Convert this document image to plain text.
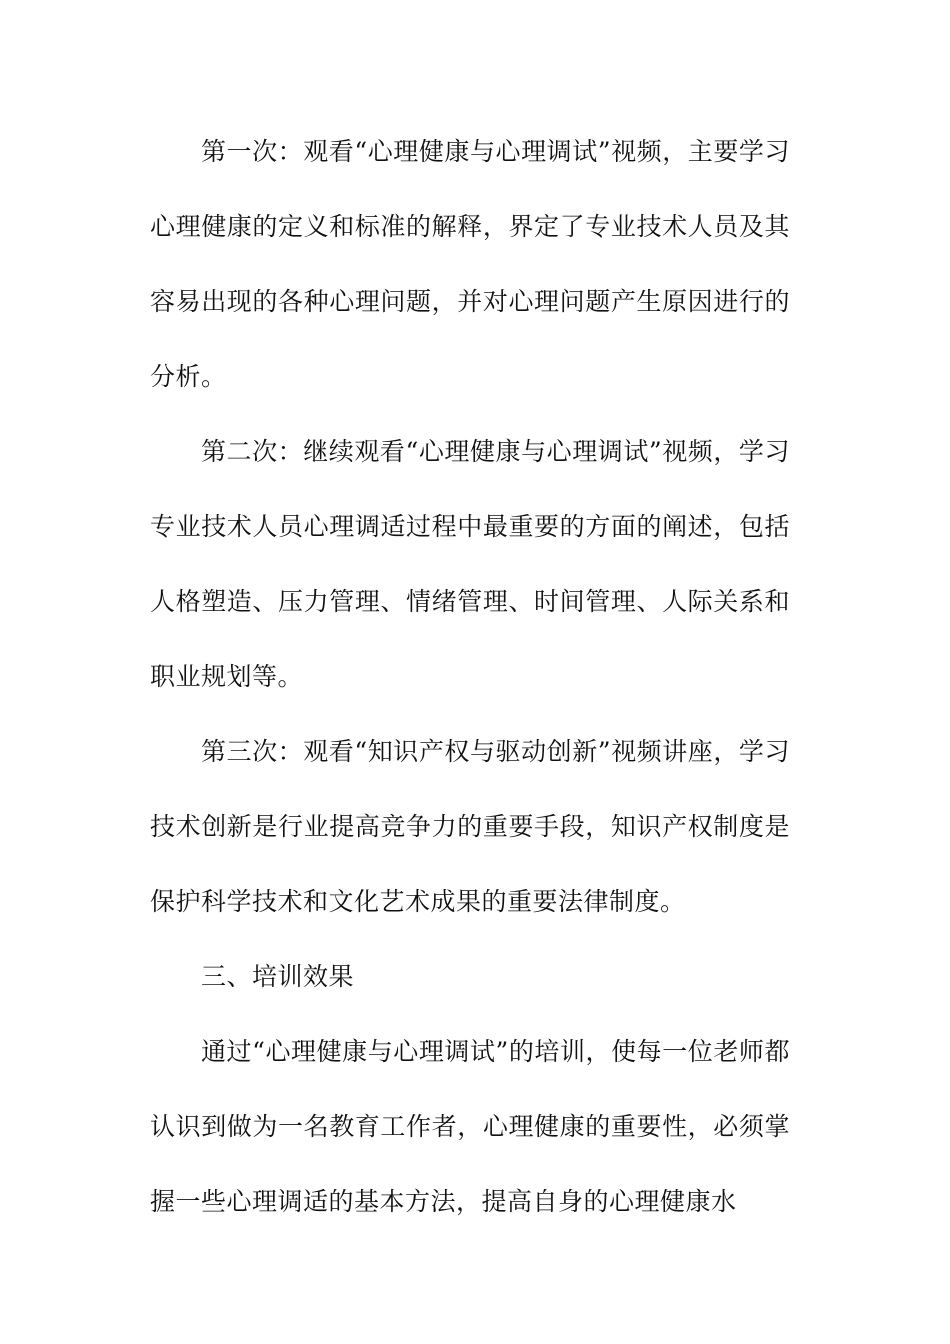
第一次：观看“心理健康与心理调试”视频，主要学习心理健康的定义和标准的解释，界定了专业技术人员及其容易出现的各种心理问题，并对心理问题产生原因进行的分析。

第二次：继续观看“心理健康与心理调试”视频，学习专业技术人员心理调适过程中最重要的方面的阐述，包括人格塑造、压力管理、情绪管理、时间管理、人际关系和职业规划等。

第三次：观看“知识产权与驱动创新”视频讲座，学习技术创新是行业提高竞争力的重要手段，知识产权制度是保护科学技术和文化艺术成果的重要法律制度。

三、培训效果

通过“心理健康与心理调试”的培训，使每一位老师都认识到做为一名教育工作者，心理健康的重要性，必须掌握一些心理调适的基本方法，提高自身的心理健康水
